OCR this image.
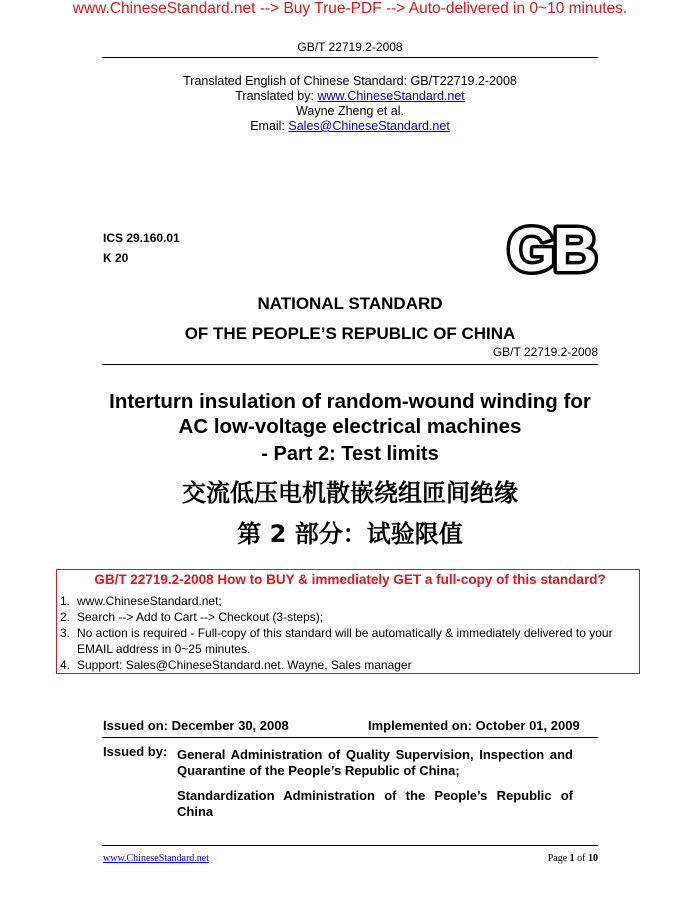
www.ChineseStandard.net --> Buy True-PDF --> Auto-delivered in 0~10 minutes.
GB/T 22719.2-2008
Translated English of Chinese Standard: GB/T22719.2-2008
Translated by: www.ChineseStandard.net
Wayne Zheng et al.
Email: Sales@ChineseStandard.net
ICS 29.160.01
K 20	GB
NATIONAL STANDARD
OF THE PEOPLE’S REPUBLIC OF CHINA
GB/T 22719.2-2008
Interturn insulation of random-wound winding for
AC low-voltage electrical machines
- Part 2: Test limits
交流低压电机散嵌绕组匝间绝缘
第 2 部分：试验限值
GB/T 22719.2-2008 How to BUY & immediately GET a full-copy of this standard?
1. www.ChineseStandard.net;
2. Search --> Add to Cart --> Checkout (3-steps);
3. No action is required - Full-copy of this standard will be automatically & immediately delivered to your EMAIL address in 0~25 minutes.
4. Support: Sales@ChineseStandard.net. Wayne, Sales manager
Issued on: December 30, 2008	Implemented on: October 01, 2009
Issued by: General Administration of Quality Supervision, Inspection and Quarantine of the People’s Republic of China;
Standardization Administration of the People’s Republic of China
www.ChineseStandard.net	Page 1 of 10
